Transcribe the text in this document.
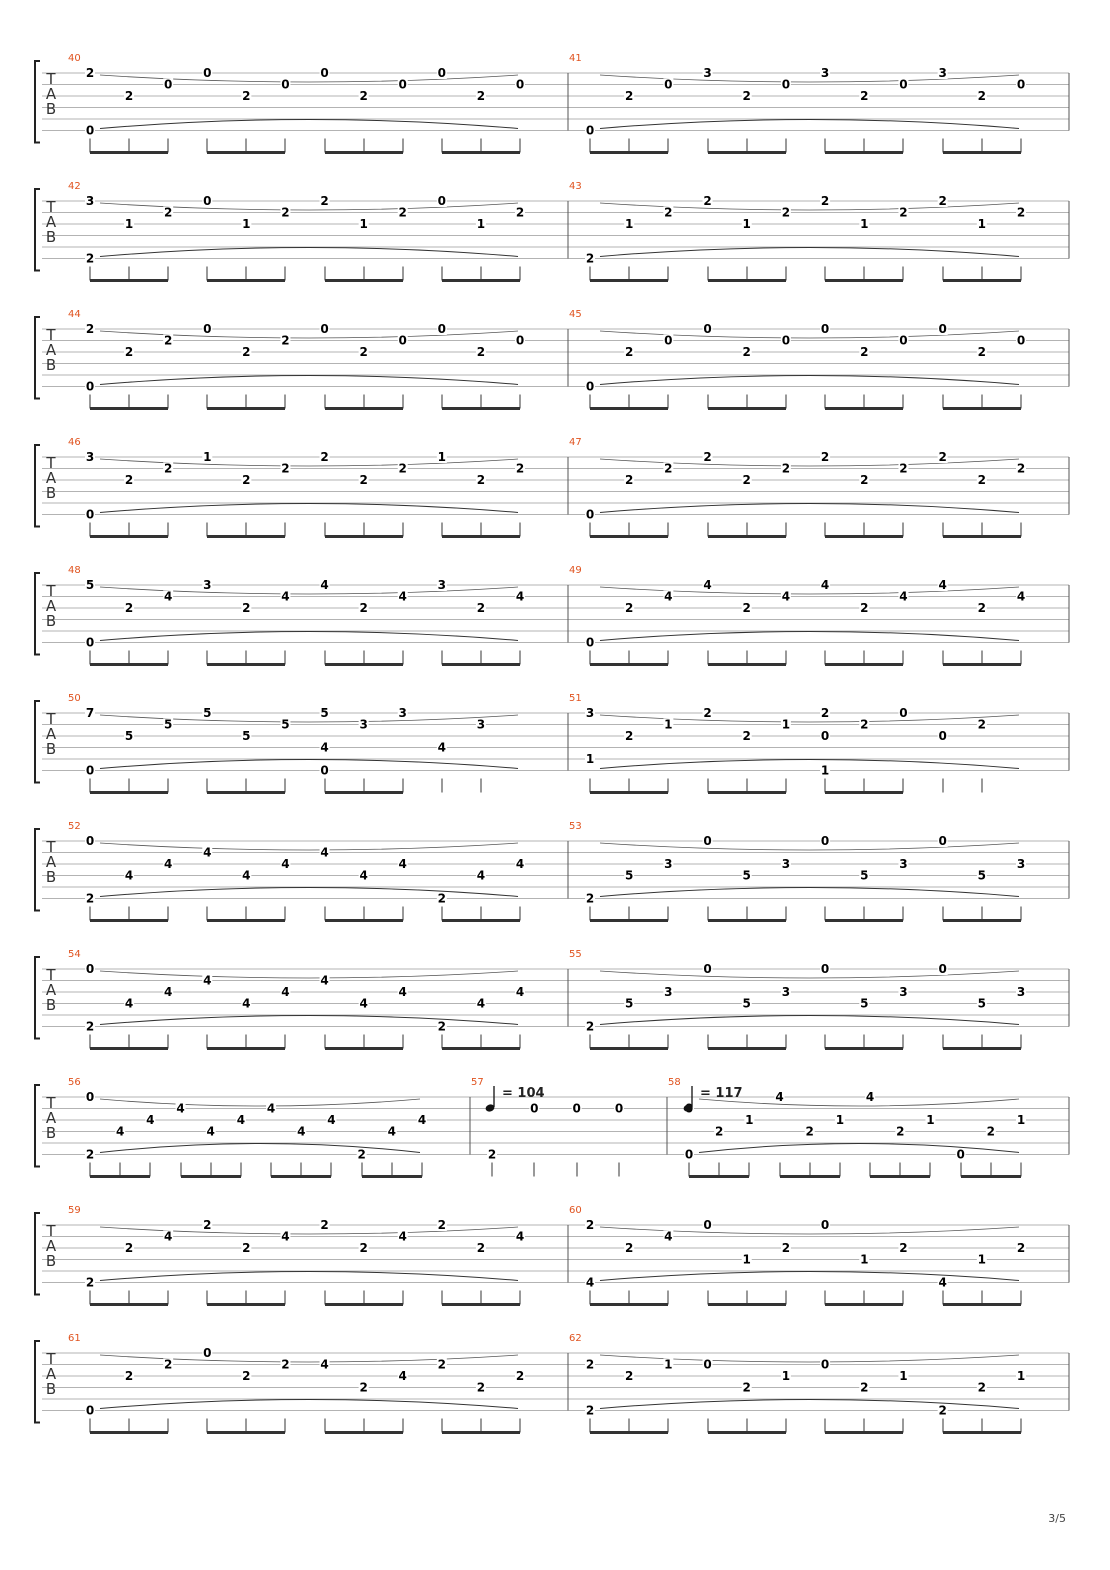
T
A
B
40
2
0
2
0
0
2
0
0
2
0
0
2
0
41
0
2
0
3
2
0
3
2
0
3
2
0
T
A
B
42
3
2
1
2
0
1
2
2
1
2
0
1
2
43
2
1
2
2
1
2
2
1
2
2
1
2
T
A
B
44
2
0
2
2
0
2
2
0
2
0
0
2
0
45
0
2
0
0
2
0
0
2
0
0
2
0
T
A
B
46
3
0
2
2
1
2
2
2
2
2
1
2
2
47
0
2
2
2
2
2
2
2
2
2
2
2
T
A
B
48
5
0
2
4
3
2
4
4
2
4
3
2
4
49
0
2
4
4
2
4
4
2
4
4
2
4
T
A
B
50
7
0
5
5
5
5
5
5
0
4
3
3
4
3
51
3
1
2
1
2
2
1
2
1
0
2
0
0
2
T
A
B
52
0
2
4
4
4
4
4
4
4
4
2
4
4
53
2
5
3
0
5
3
0
5
3
0
5
3
T
A
B
54
0
2
4
4
4
4
4
4
4
4
2
4
4
55
2
5
3
0
5
3
0
5
3
0
5
3
T
A
B
56
0
2
4
4
4
4
4
4
4
4
2
4
4
57
2
0	0	0
58
0
2
1
4
2
1
4
2
1
0
2
1
T
A
B
59
2
2
4
2
2
4
2
2
4
2
2
4
60
2
4
2
4
0
1
2
0
1
2
4
1
2
T
A
B
61
0
2
2
0
2
2	4
2
4
2
2
2
62
2
2
2
1	0
2
1
0
2
1
2
2
1
= 104	= 117
3/5
